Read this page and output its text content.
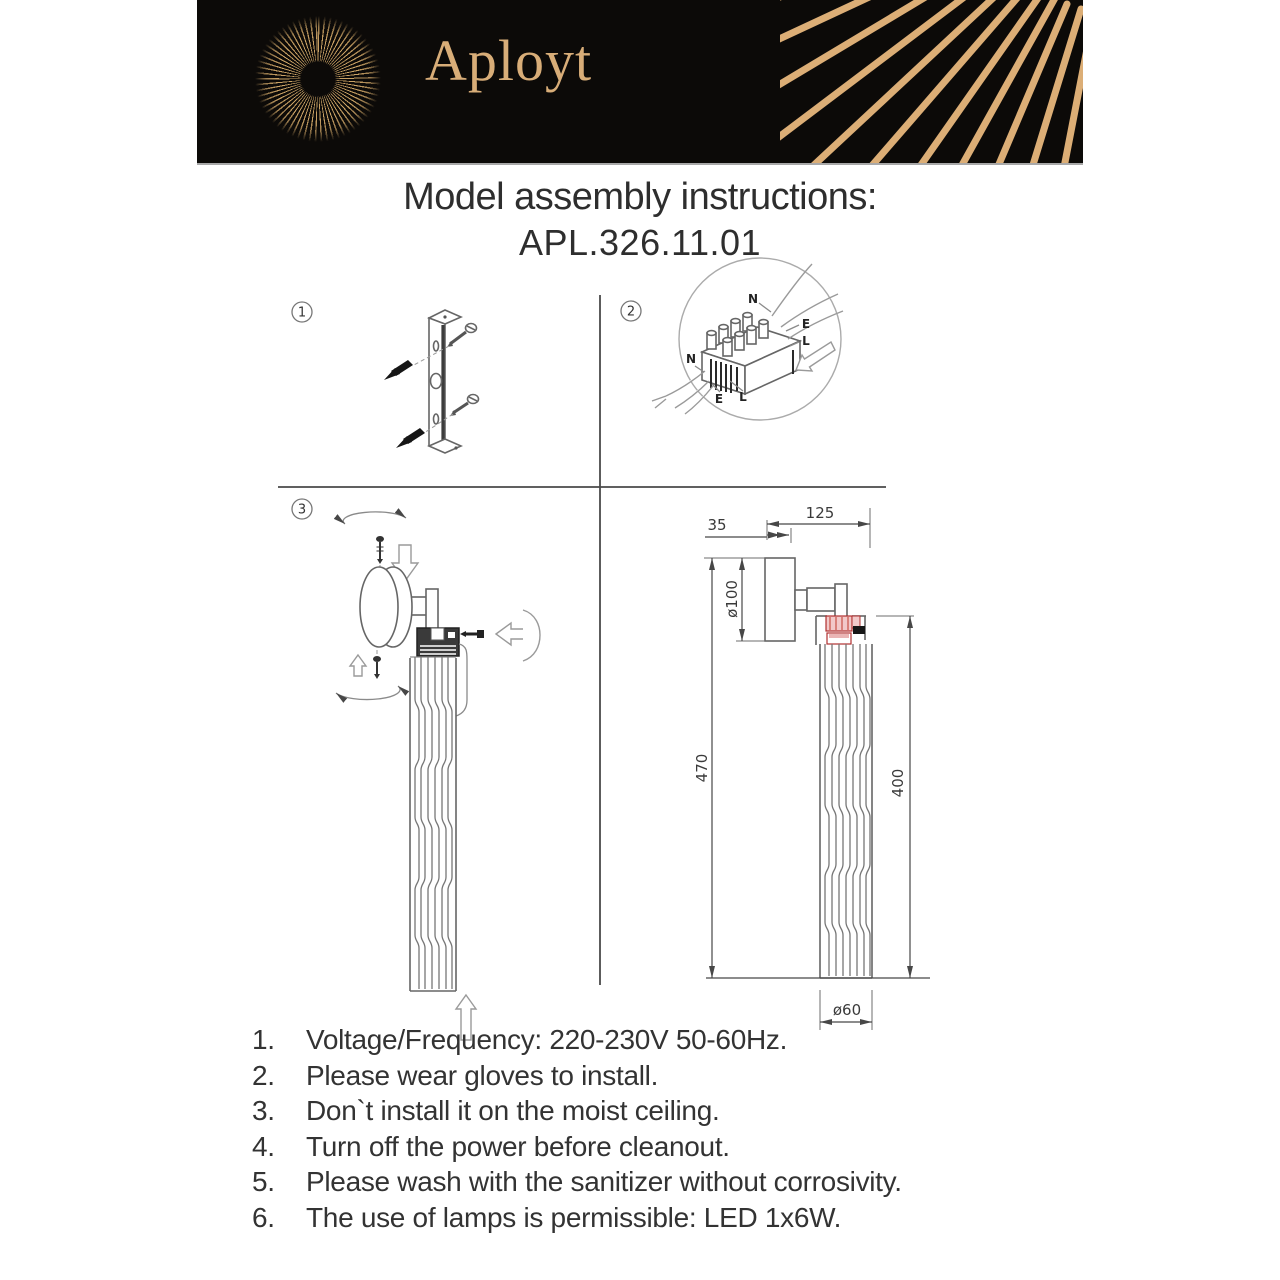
Aployt
Model assembly instructions:
APL.326.11.01
1	2
N
E
L
N
E L
3
35
125
ø100
470
400
ø60
1.	Voltage/Frequency: 220-230V 50-60Hz.
2.	Please wear gloves to install.
3.	Don`t install it on the moist ceiling.
4.	Turn off the power before cleanout.
5.	Please wash with the sanitizer without corrosivity.
6.	The use of lamps is permissible: LED 1x6W.
